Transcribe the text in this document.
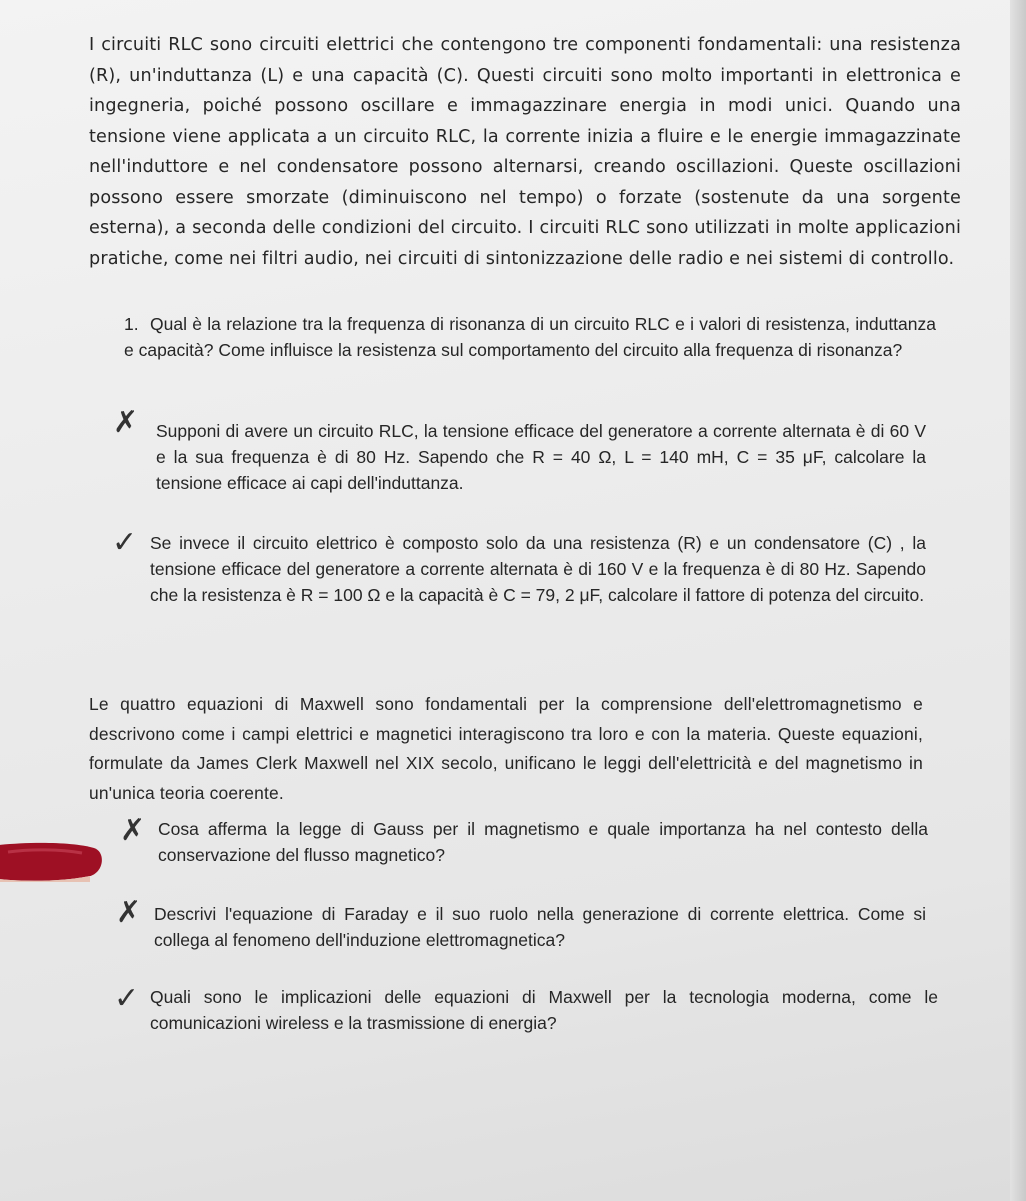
I circuiti RLC sono circuiti elettrici che contengono tre componenti fondamentali: una resistenza (R), un'induttanza (L) e una capacità (C). Questi circuiti sono molto importanti in elettronica e ingegneria, poiché possono oscillare e immagazzinare energia in modi unici. Quando una tensione viene applicata a un circuito RLC, la corrente inizia a fluire e le energie immagazzinate nell'induttore e nel condensatore possono alternarsi, creando oscillazioni. Queste oscillazioni possono essere smorzate (diminuiscono nel tempo) o forzate (sostenute da una sorgente esterna), a seconda delle condizioni del circuito. I circuiti RLC sono utilizzati in molte applicazioni pratiche, come nei filtri audio, nei circuiti di sintonizzazione delle radio e nei sistemi di controllo.

1. Qual è la relazione tra la frequenza di risonanza di un circuito RLC e i valori di resistenza, induttanza e capacità? Come influisce la resistenza sul comportamento del circuito alla frequenza di risonanza?

✗ Supponi di avere un circuito RLC, la tensione efficace del generatore a corrente alternata è di 60 V e la sua frequenza è di 80 Hz. Sapendo che R = 40 Ω, L = 140 mH, C = 35 μF, calcolare la tensione efficace ai capi dell'induttanza.

✓ Se invece il circuito elettrico è composto solo da una resistenza (R) e un condensatore (C) , la tensione efficace del generatore a corrente alternata è di 160 V e la frequenza è di 80 Hz. Sapendo che la resistenza è R = 100 Ω e la capacità è C = 79, 2 μF, calcolare il fattore di potenza del circuito.

Le quattro equazioni di Maxwell sono fondamentali per la comprensione dell'elettromagnetismo e descrivono come i campi elettrici e magnetici interagiscono tra loro e con la materia. Queste equazioni, formulate da James Clerk Maxwell nel XIX secolo, unificano le leggi dell'elettricità e del magnetismo in un'unica teoria coerente.

✗ Cosa afferma la legge di Gauss per il magnetismo e quale importanza ha nel contesto della conservazione del flusso magnetico?

✗ Descrivi l'equazione di Faraday e il suo ruolo nella generazione di corrente elettrica. Come si collega al fenomeno dell'induzione elettromagnetica?

✓ Quali sono le implicazioni delle equazioni di Maxwell per la tecnologia moderna, come le comunicazioni wireless e la trasmissione di energia?
